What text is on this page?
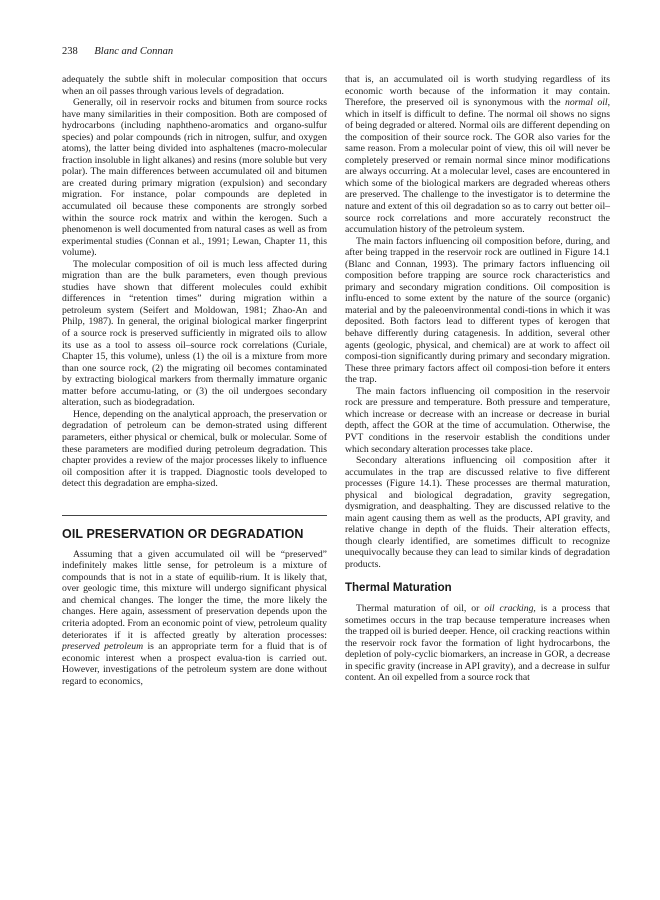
238 Blanc and Connan

adequately the subtle shift in molecular composition that occurs when an oil passes through various levels of degradation.

Generally, oil in reservoir rocks and bitumen from source rocks have many similarities in their composition. Both are composed of hydrocarbons (including naphtheno-aromatics and organo-sulfur species) and polar compounds (rich in nitrogen, sulfur, and oxygen atoms), the latter being divided into asphaltenes (macro-molecular fraction insoluble in light alkanes) and resins (more soluble but very polar). The main differences between accumulated oil and bitumen are created during primary migration (expulsion) and secondary migration. For instance, polar compounds are depleted in accumulated oil because these components are strongly sorbed within the source rock matrix and within the kerogen. Such a phenomenon is well documented from natural cases as well as from experimental studies (Connan et al., 1991; Lewan, Chapter 11, this volume).

The molecular composition of oil is much less affected during migration than are the bulk parameters, even though previous studies have shown that different molecules could exhibit differences in “retention times” during migration within a petroleum system (Seifert and Moldowan, 1981; Zhao-An and Philp, 1987). In general, the original biological marker fingerprint of a source rock is preserved sufficiently in migrated oils to allow its use as a tool to assess oil–source rock correlations (Curiale, Chapter 15, this volume), unless (1) the oil is a mixture from more than one source rock, (2) the migrating oil becomes contaminated by extracting biological markers from thermally immature organic matter before accumu-lating, or (3) the oil undergoes secondary alteration, such as biodegradation.

Hence, depending on the analytical approach, the preservation or degradation of petroleum can be demon-strated using different parameters, either physical or chemical, bulk or molecular. Some of these parameters are modified during petroleum degradation. This chapter provides a review of the major processes likely to influence oil composition after it is trapped. Diagnostic tools developed to detect this degradation are empha-sized.

OIL PRESERVATION OR DEGRADATION

Assuming that a given accumulated oil will be “preserved” indefinitely makes little sense, for petroleum is a mixture of compounds that is not in a state of equilib-rium. It is likely that, over geologic time, this mixture will undergo significant physical and chemical changes. The longer the time, the more likely the changes. Here again, assessment of preservation depends upon the criteria adopted. From an economic point of view, petroleum quality deteriorates if it is affected greatly by alteration processes: preserved petroleum is an appropriate term for a fluid that is of economic interest when a prospect evalua-tion is carried out. However, investigations of the petroleum system are done without regard to economics,

that is, an accumulated oil is worth studying regardless of its economic worth because of the information it may contain. Therefore, the preserved oil is synonymous with the normal oil, which in itself is difficult to define. The normal oil shows no signs of being degraded or altered. Normal oils are different depending on the composition of their source rock. The GOR also varies for the same reason. From a molecular point of view, this oil will never be completely preserved or remain normal since minor modifications are always occurring. At a molecular level, cases are encountered in which some of the biological markers are degraded whereas others are preserved. The challenge to the investigator is to determine the nature and extent of this oil degradation so as to carry out better oil–source rock correlations and more accurately reconstruct the accumulation history of the petroleum system.

The main factors influencing oil composition before, during, and after being trapped in the reservoir rock are outlined in Figure 14.1 (Blanc and Connan, 1993). The primary factors influencing oil composition before trapping are source rock characteristics and primary and secondary migration conditions. Oil composition is influ-enced to some extent by the nature of the source (organic) material and by the paleoenvironmental condi-tions in which it was deposited. Both factors lead to different types of kerogen that behave differently during catagenesis. In addition, several other agents (geologic, physical, and chemical) are at work to affect oil composi-tion significantly during primary and secondary migration. These three primary factors affect oil composi-tion before it enters the trap.

The main factors influencing oil composition in the reservoir rock are pressure and temperature. Both pressure and temperature, which increase or decrease with an increase or decrease in burial depth, affect the GOR at the time of accumulation. Otherwise, the PVT conditions in the reservoir establish the conditions under which secondary alteration processes take place.

Secondary alterations influencing oil composition after it accumulates in the trap are discussed relative to five different processes (Figure 14.1). These processes are thermal maturation, physical and biological degradation, gravity segregation, dysmigration, and deasphalting. They are discussed relative to the main agent causing them as well as the products, API gravity, and relative change in depth of the fluids. Their alteration effects, though clearly identified, are sometimes difficult to recognize unequivocally because they can lead to similar kinds of degradation products.

Thermal Maturation

Thermal maturation of oil, or oil cracking, is a process that sometimes occurs in the trap because temperature increases when the trapped oil is buried deeper. Hence, oil cracking reactions within the reservoir rock favor the formation of light hydrocarbons, the depletion of poly-cyclic biomarkers, an increase in GOR, a decrease in specific gravity (increase in API gravity), and a decrease in sulfur content. An oil expelled from a source rock that
